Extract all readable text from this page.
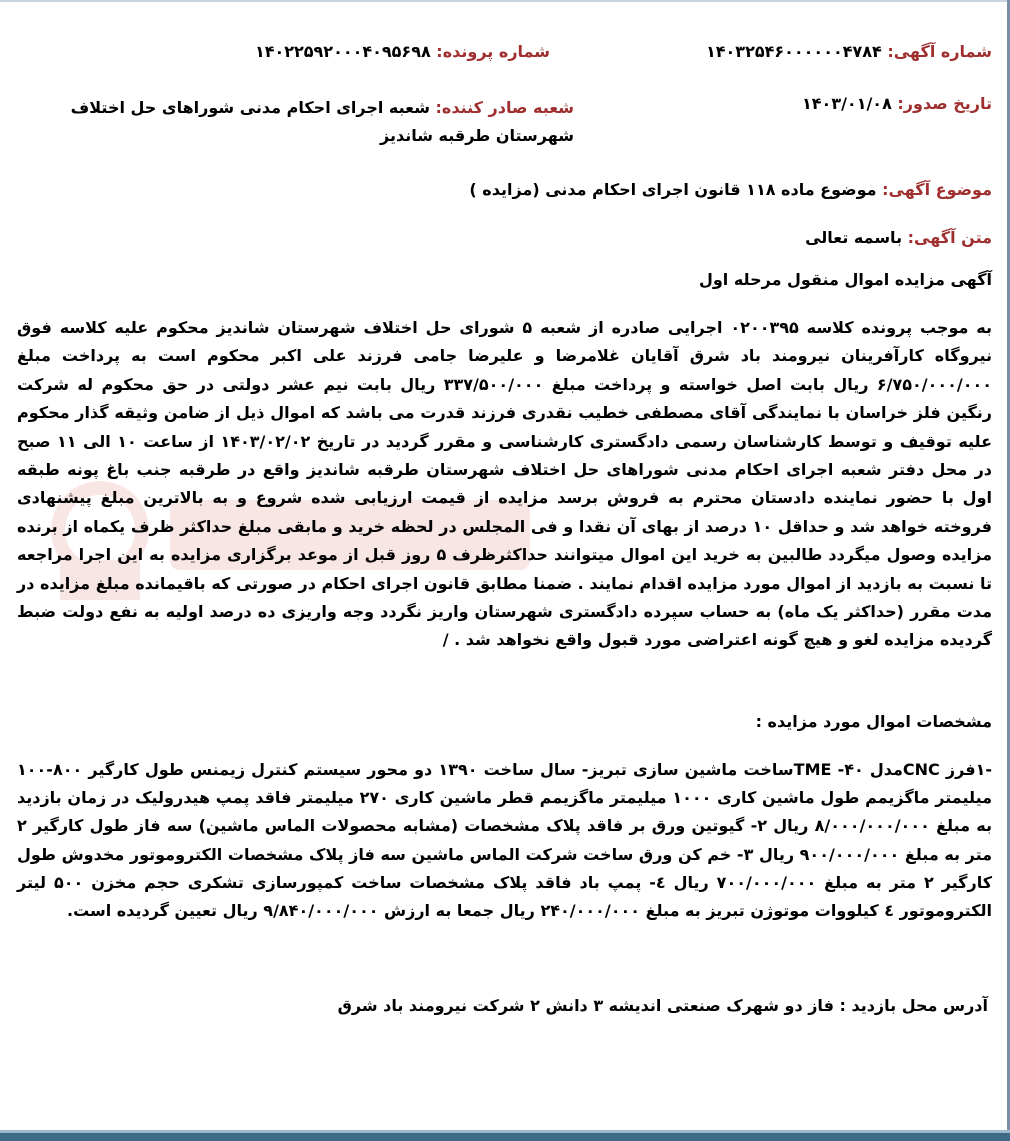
شماره آگهی: ۱۴۰۳۲۵۴۶۰۰۰۰۰۰۴۷۸۴
شماره پرونده: ۱۴۰۲۲۵۹۲۰۰۰۴۰۹۵۶۹۸
تاریخ صدور: ۱۴۰۳/۰۱/۰۸
شعبه صادر کننده: شعبه اجرای احکام مدنی شوراهای حل اختلاف شهرستان طرقبه شاندیز
موضوع آگهی: موضوع ماده ۱۱۸ قانون اجرای احکام مدنی (مزایده )
متن آگهی: باسمه تعالی
آگهی مزایده اموال منقول مرحله اول

به موجب پرونده کلاسه ۰۲۰۰۳۹۵ اجرایی صادره از شعبه ۵ شورای حل اختلاف شهرستان شاندیز محکوم علیه کلاسه فوق نیروگاه کارآفرینان نیرومند باد شرق آقایان غلامرضا و علیرضا جامی فرزند علی اکبر محکوم است به پرداخت مبلغ ۶/۷۵۰/۰۰۰/۰۰۰ ریال بابت اصل خواسته و پرداخت مبلغ ۳۳۷/۵۰۰/۰۰۰ ریال بابت نیم عشر دولتی در حق محکوم له شرکت رنگین فلز خراسان با نمایندگی آقای مصطفی خطیب نقدری فرزند قدرت می باشد که اموال ذیل از ضامن وثیقه گذار محکوم علیه توقیف و توسط کارشناسان رسمی دادگستری کارشناسی و مقرر گردید در تاریخ ۱۴۰۳/۰۲/۰۲ از ساعت ۱۰ الی ۱۱ صبح در محل دفتر شعبه اجرای احکام مدنی شوراهای حل اختلاف شهرستان طرقبه شاندیز واقع در طرقبه جنب باغ پونه طبقه اول با حضور نماینده دادستان محترم به فروش برسد مزایده از قیمت ارزیابی شده شروع و به بالاترین مبلغ پیشنهادی فروخته خواهد شد و حداقل ۱۰ درصد از بهای آن نقدا و فی المجلس در لحظه خرید و مابقی مبلغ حداکثر ظرف یکماه از برنده مزایده وصول میگردد طالبین به خرید این اموال میتوانند حداکثرظرف ۵ روز قبل از موعد برگزاری مزایده به این اجرا مراجعه تا نسبت به بازدید از اموال مورد مزایده اقدام نمایند . ضمنا مطابق قانون اجرای احکام در صورتی که باقیمانده مبلغ مزایده در مدت مقرر (حداکثر یک ماه) به حساب سپرده دادگستری شهرستان واریز نگردد وجه واریزی ده درصد اولیه به نفع دولت ضبط گردیده مزایده لغو و هیچ گونه اعتراضی مورد قبول واقع نخواهد شد . /

مشخصات اموال مورد مزایده :

-۱فرز CNCمدل ۴۰- TMEساخت ماشین سازی تبریز- سال ساخت ۱۳۹۰ دو محور سیستم کنترل زیمنس طول کارگیر ۸۰۰-۱۰۰ میلیمتر ماگزیمم طول ماشین کاری ۱۰۰۰ میلیمتر ماگزیمم قطر ماشین کاری ۲۷۰ میلیمتر فاقد پمپ هیدرولیک در زمان بازدید به مبلغ ۸/۰۰۰/۰۰۰/۰۰۰ ریال ۲- گیوتین ورق بر فاقد پلاک مشخصات (مشابه محصولات الماس ماشین) سه فاز طول کارگیر ۲ متر به مبلغ ۹۰۰/۰۰۰/۰۰۰ ریال ۳- خم کن ورق ساخت شرکت الماس ماشین سه فاز پلاک مشخصات الکتروموتور مخدوش طول کارگیر ۲ متر به مبلغ ۷۰۰/۰۰۰/۰۰۰ ریال ٤- پمپ باد فاقد پلاک مشخصات ساخت کمپورسازی تشکری حجم مخزن ۵۰۰ لیتر الکتروموتور ٤ کیلووات موتوژن تبریز به مبلغ ۲۴۰/۰۰۰/۰۰۰ ریال جمعا به ارزش ۹/۸۴۰/۰۰۰/۰۰۰ ریال تعیین گردیده است.

آدرس محل بازدید : فاز دو شهرک صنعتی اندیشه ۳ دانش ۲ شرکت نیرومند باد شرق
